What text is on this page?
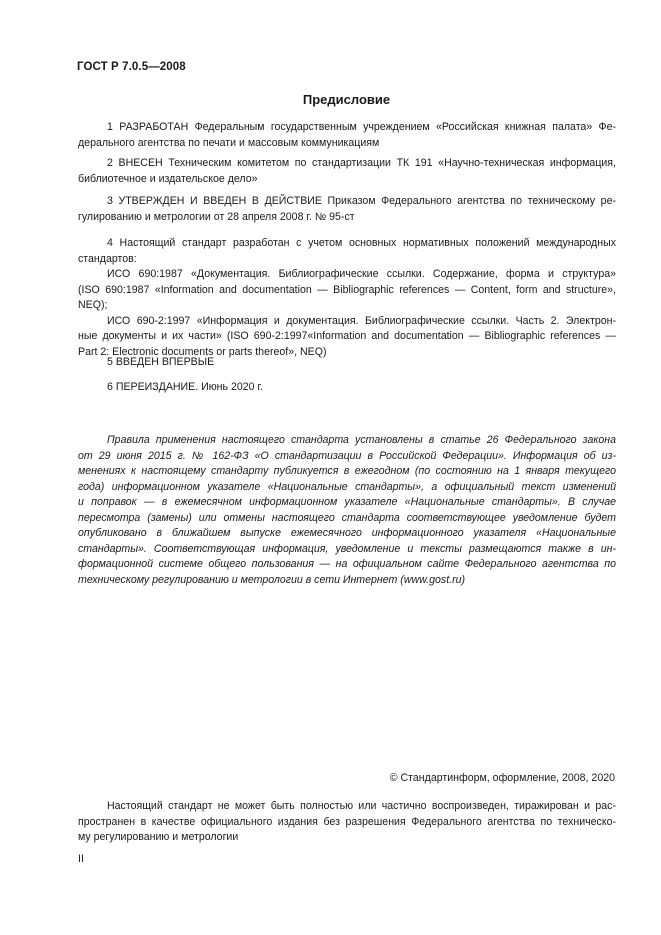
ГОСТ Р 7.0.5—2008
Предисловие
1 РАЗРАБОТАН Федеральным государственным учреждением «Российская книжная палата» Фе-
дерального агентства по печати и массовым коммуникациям
2 ВНЕСЕН Техническим комитетом по стандартизации ТК 191 «Научно-техническая информация,
библиотечное и издательское дело»
3 УТВЕРЖДЕН И ВВЕДЕН В ДЕЙСТВИЕ Приказом Федерального агентства по техническому ре-
гулированию и метрологии от 28 апреля 2008 г. № 95-ст
4 Настоящий стандарт разработан с учетом основных нормативных положений международных
стандартов:
ИСО 690:1987 «Документация. Библиографические ссылки. Содержание, форма и структура»
(ISO 690:1987 «Information and documentation — Bibliographic references — Content, form and structure»,
NEQ);
ИСО 690-2:1997 «Информация и документация. Библиографические ссылки. Часть 2. Электрон-
ные документы и их части» (ISO 690-2:1997«Information and documentation — Bibliographic references —
Part 2: Electronic documents or parts thereof», NEQ)
5 ВВЕДЕН ВПЕРВЫЕ
6 ПЕРЕИЗДАНИЕ. Июнь 2020 г.
Правила применения настоящего стандарта установлены в статье 26 Федерального закона
от 29 июня 2015 г. № 162-ФЗ «О стандартизации в Российской Федерации». Информация об из-
менениях к настоящему стандарту публикуется в ежегодном (по состоянию на 1 января текущего
года) информационном указателе «Национальные стандарты», а официальный текст изменений
и поправок — в ежемесячном информационном указателе «Национальные стандарты». В случае
пересмотра (замены) или отмены настоящего стандарта соответствующее уведомление будет
опубликовано в ближайшем выпуске ежемесячного информационного указателя «Национальные
стандарты». Соответствующая информация, уведомление и тексты размещаются также в ин-
формационной системе общего пользования — на официальном сайте Федерального агентства по
техническому регулированию и метрологии в сети Интернет (www.gost.ru)
© Стандартинформ, оформление, 2008, 2020
Настоящий стандарт не может быть полностью или частично воспроизведен, тиражирован и рас-
пространен в качестве официального издания без разрешения Федерального агентства по техническо-
му регулированию и метрологии
II
